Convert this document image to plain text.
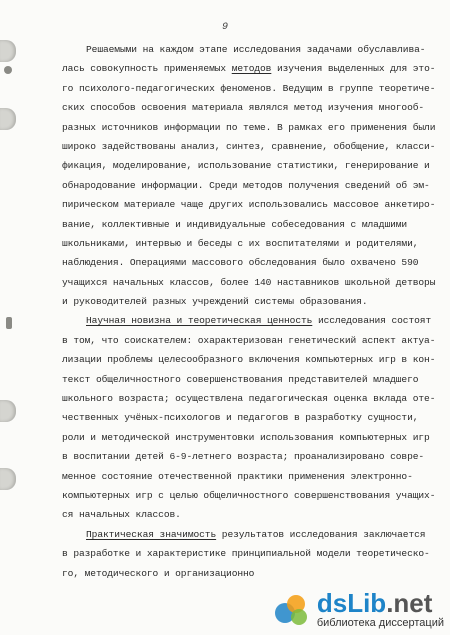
9
Решаемыми на каждом этапе исследования задачами обуславлива-
лась совокупность применяемых методов изучения выделенных для это-
го психолого-педагогических феноменов. Ведущим в группе теоретиче-
ских способов освоения материала являлся метод изучения многооб-
разных источников информации по теме. В рамках его применения были
широко задействованы анализ, синтез, сравнение, обобщение, класси-
фикация, моделирование, использование статистики, генерирование и
обнародование информации. Среди методов получения сведений об эм-
пирическом материале чаще других использовались массовое анкетиро-
вание, коллективные и индивидуальные собеседования с младшими
школьниками, интервью и беседы с их воспитателями и родителями,
наблюдения. Операциями массового обследования было охвачено 590
учащихся начальных классов, более 140 наставников школьной детворы
и руководителей разных учреждений системы образования.
Научная новизна и теоретическая ценность исследования состоят
в том, что соискателем: охарактеризован генетический аспект актуа-
лизации проблемы целесообразного включения компьютерных игр в кон-
текст общеличностного совершенствования представителей младшего
школьного возраста; осуществлена педагогическая оценка вклада оте-
чественных учёных-психологов и педагогов в разработку сущности,
роли и методической инструментовки использования компьютерных игр
в воспитании детей 6-9-летнего возраста; проанализировано совре-
менное состояние отечественной практики применения электронно-
компьютерных игр с целью общеличностного совершенствования учащих-
ся начальных классов.
Практическая значимость результатов исследования заключается
в разработке и характеристике принципиальной модели теоретическо-
го, методического и организационно
dsLib.net
библиотека диссертаций
